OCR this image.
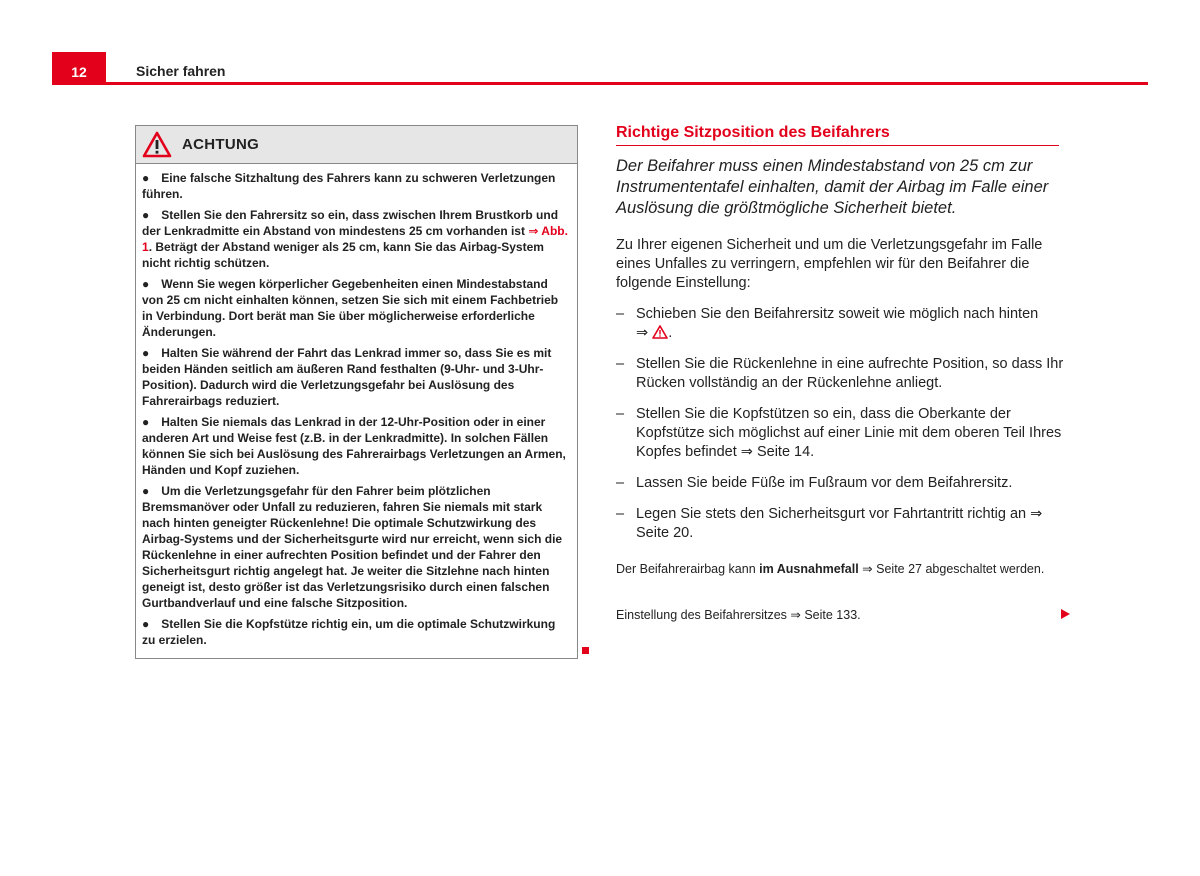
12	Sicher fahren
ACHTUNG

● Eine falsche Sitzhaltung des Fahrers kann zu schweren Verletzungen führen.

● Stellen Sie den Fahrersitz so ein, dass zwischen Ihrem Brustkorb und der Lenkradmitte ein Abstand von mindestens 25 cm vorhanden ist ⇒ Abb. 1. Beträgt der Abstand weniger als 25 cm, kann Sie das Airbag-System nicht richtig schützen.

● Wenn Sie wegen körperlicher Gegebenheiten einen Mindestabstand von 25 cm nicht einhalten können, setzen Sie sich mit einem Fachbetrieb in Verbindung. Dort berät man Sie über möglicherweise erforderliche Änderungen.

● Halten Sie während der Fahrt das Lenkrad immer so, dass Sie es mit beiden Händen seitlich am äußeren Rand festhalten (9-Uhr- und 3-Uhr-Position). Dadurch wird die Verletzungsgefahr bei Auslösung des Fahrerairbags reduziert.

● Halten Sie niemals das Lenkrad in der 12-Uhr-Position oder in einer anderen Art und Weise fest (z.B. in der Lenkradmitte). In solchen Fällen können Sie sich bei Auslösung des Fahrerairbags Verletzungen an Armen, Händen und Kopf zuziehen.

● Um die Verletzungsgefahr für den Fahrer beim plötzlichen Bremsmanöver oder Unfall zu reduzieren, fahren Sie niemals mit stark nach hinten geneigter Rückenlehne! Die optimale Schutzwirkung des Airbag-Systems und der Sicherheitsgurte wird nur erreicht, wenn sich die Rückenlehne in einer aufrechten Position befindet und der Fahrer den Sicherheitsgurt richtig angelegt hat. Je weiter die Sitzlehne nach hinten geneigt ist, desto größer ist das Verletzungsrisiko durch einen falschen Gurtbandverlauf und eine falsche Sitzposition.

● Stellen Sie die Kopfstütze richtig ein, um die optimale Schutzwirkung zu erzielen.

Richtige Sitzposition des Beifahrers
Der Beifahrer muss einen Mindestabstand von 25 cm zur Instrumententafel einhalten, damit der Airbag im Falle einer Auslösung die größtmögliche Sicherheit bietet.
Zu Ihrer eigenen Sicherheit und um die Verletzungsgefahr im Falle eines Unfalles zu verringern, empfehlen wir für den Beifahrer die folgende Einstellung:
– Schieben Sie den Beifahrersitz soweit wie möglich nach hinten
⇒ .
– Stellen Sie die Rückenlehne in eine aufrechte Position, so dass Ihr Rücken vollständig an der Rückenlehne anliegt.
– Stellen Sie die Kopfstützen so ein, dass die Oberkante der Kopfstütze sich möglichst auf einer Linie mit dem oberen Teil Ihres Kopfes befindet ⇒ Seite 14.
– Lassen Sie beide Füße im Fußraum vor dem Beifahrersitz.
– Legen Sie stets den Sicherheitsgurt vor Fahrtantritt richtig an ⇒ Seite 20.
Der Beifahrerairbag kann im Ausnahmefall ⇒ Seite 27 abgeschaltet werden.
Einstellung des Beifahrersitzes ⇒ Seite 133.
